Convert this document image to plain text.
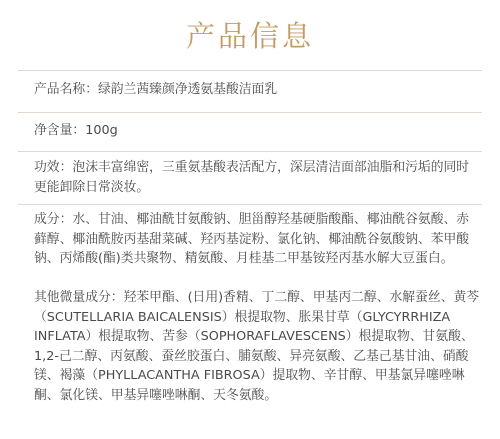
产品信息
产品名称：绿韵兰茜臻颜净透氨基酸洁面乳
净含量：100g
功效：泡沫丰富绵密，三重氨基酸表活配方，深层清洁面部油脂和污垢的同时更能卸除日常淡妆。
成分：水、甘油、椰油酰甘氨酸钠、胆甾醇羟基硬脂酸酯、椰油酰谷氨酸、赤藓醇、椰油酰胺丙基甜菜碱、羟丙基淀粉、氯化钠、椰油酰谷氨酸钠、苯甲酸钠、丙烯酸(酯)类共聚物、精氨酸、月桂基二甲基铵羟丙基水解大豆蛋白。
其他微量成分：羟苯甲酯、(日用)香精、丁二醇、甲基丙二醇、水解蚕丝、黄芩（SCUTELLARIA BAICALENSIS）根提取物、胀果甘草（GLYCYRRHIZA INFLATA）根提取物、苦参（SOPHORAFLAVESCENS）根提取物、甘氨酸、1,2-己二醇、丙氨酸、蚕丝胶蛋白、脯氨酸、异亮氨酸、乙基己基甘油、硝酸镁、褐藻（PHYLLACANTHA FIBROSA）提取物、辛甘醇、甲基氯异噻唑啉酮、氯化镁、甲基异噻唑啉酮、天冬氨酸。
